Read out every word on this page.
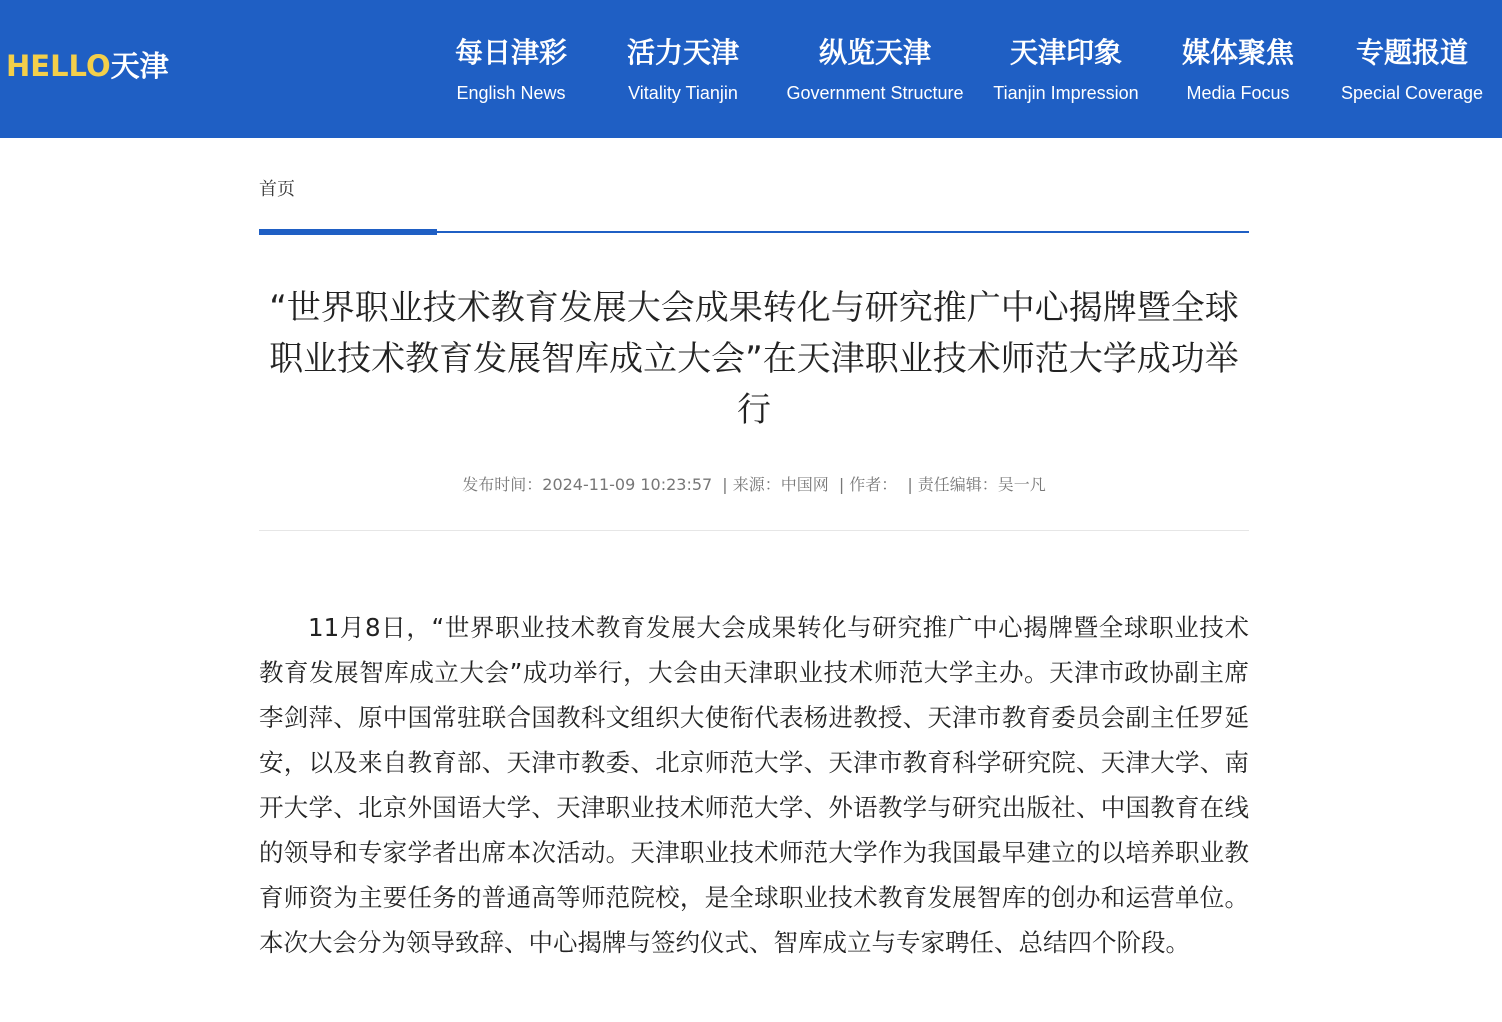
HELLO天津	每日津彩
English News
活力天津
Vitality Tianjin
纵览天津
Government Structure
天津印象
Tianjin Impression
媒体聚焦
Media Focus
专题报道
Special Coverage
首页
“世界职业技术教育发展大会成果转化与研究推广中心揭牌暨全球职业技术教育发展智库成立大会”在天津职业技术师范大学成功举行
发布时间：2024-11-09 10:23:57 | 来源：中国网 | 作者： | 责任编辑：吴一凡

11月8日，“世界职业技术教育发展大会成果转化与研究推广中心揭牌暨全球职业技术教育发展智库成立大会”成功举行，大会由天津职业技术师范大学主办。天津市政协副主席李剑萍、原中国常驻联合国教科文组织大使衔代表杨进教授、天津市教育委员会副主任罗延安，以及来自教育部、天津市教委、北京师范大学、天津市教育科学研究院、天津大学、南开大学、北京外国语大学、天津职业技术师范大学、外语教学与研究出版社、中国教育在线的领导和专家学者出席本次活动。天津职业技术师范大学作为我国最早建立的以培养职业教育师资为主要任务的普通高等师范院校，是全球职业技术教育发展智库的创办和运营单位。本次大会分为领导致辞、中心揭牌与签约仪式、智库成立与专家聘任、总结四个阶段。
